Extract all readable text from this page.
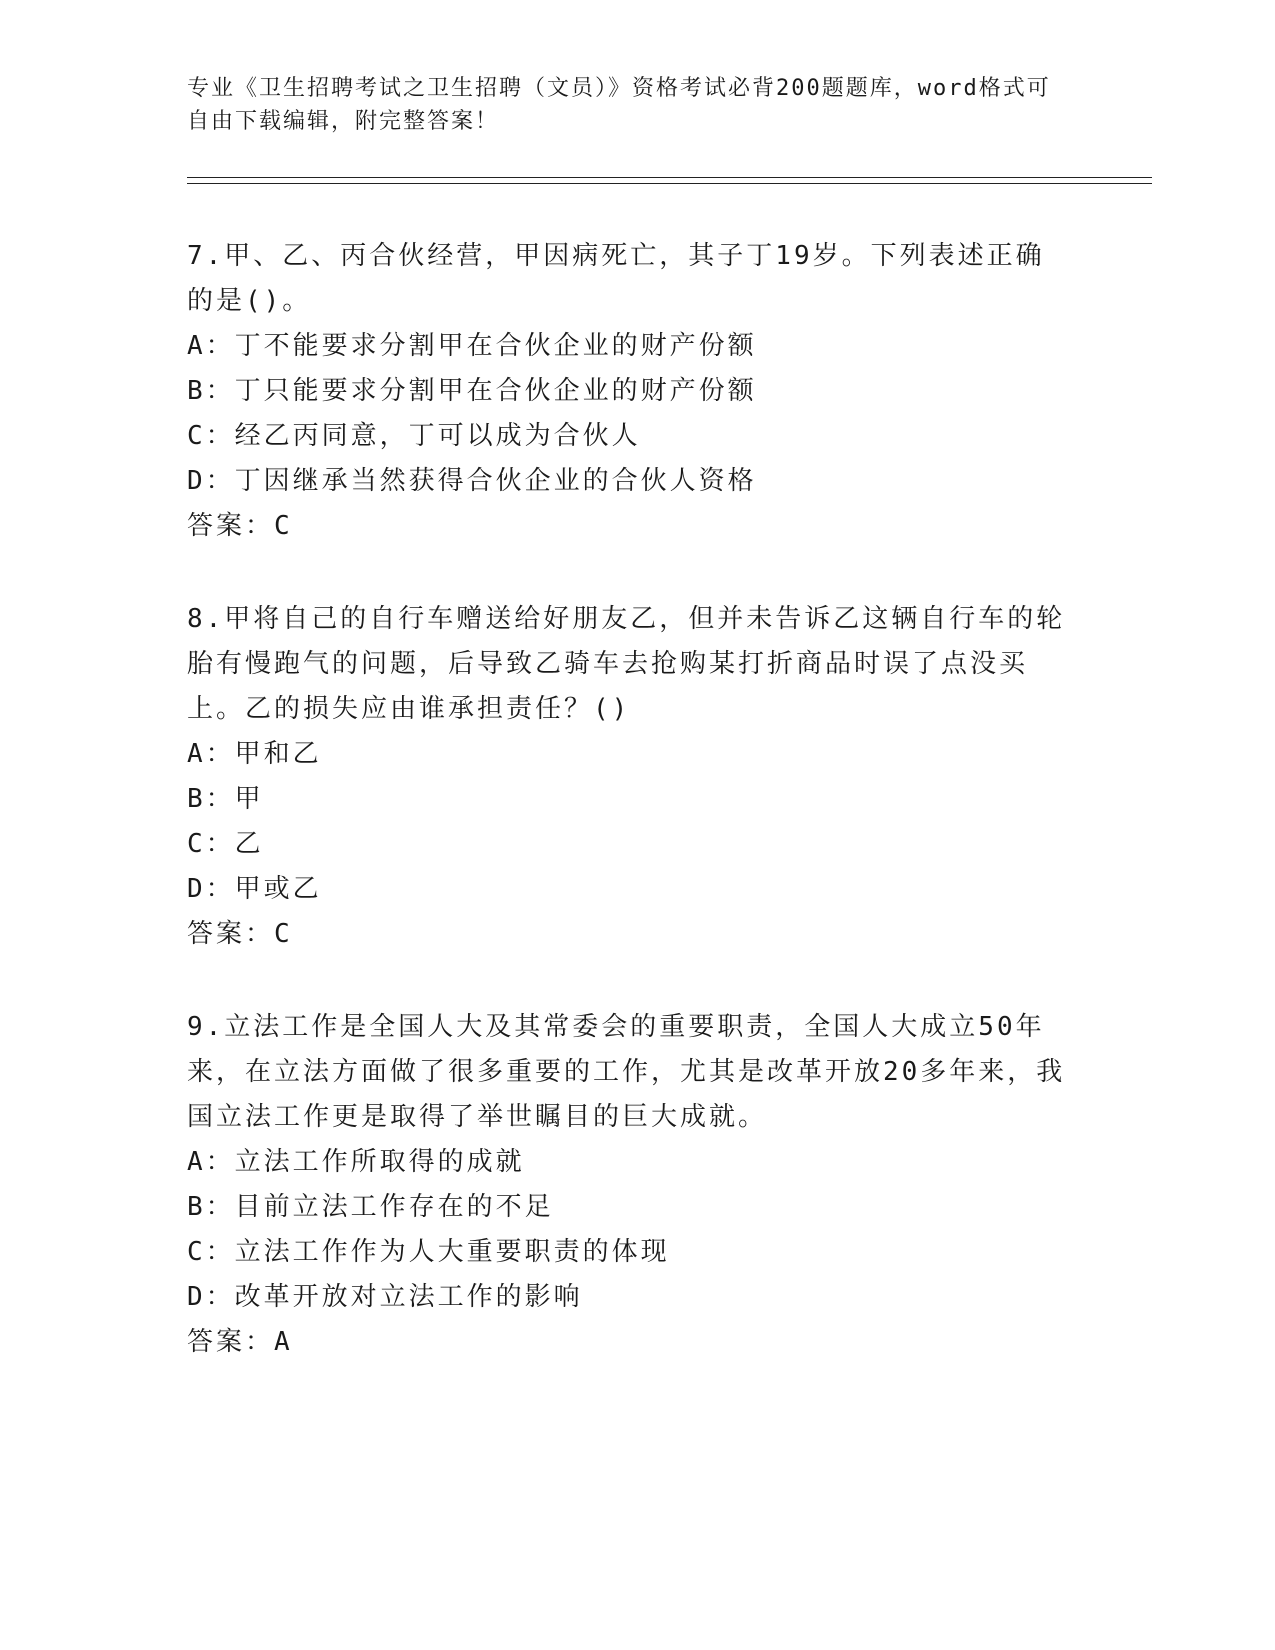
专业《卫生招聘考试之卫生招聘（文员）》资格考试必背200题题库，word格式可自由下载编辑，附完整答案！
7.甲、乙、丙合伙经营，甲因病死亡，其子丁19岁。下列表述正确的是()。
A：丁不能要求分割甲在合伙企业的财产份额
B：丁只能要求分割甲在合伙企业的财产份额
C：经乙丙同意，丁可以成为合伙人
D：丁因继承当然获得合伙企业的合伙人资格
答案：C
8.甲将自己的自行车赠送给好朋友乙，但并未告诉乙这辆自行车的轮胎有慢跑气的问题，后导致乙骑车去抢购某打折商品时误了点没买上。乙的损失应由谁承担责任？()
A：甲和乙
B：甲
C：乙
D：甲或乙
答案：C
9.立法工作是全国人大及其常委会的重要职责，全国人大成立50年来，在立法方面做了很多重要的工作，尤其是改革开放20多年来，我国立法工作更是取得了举世瞩目的巨大成就。
A：立法工作所取得的成就
B：目前立法工作存在的不足
C：立法工作作为人大重要职责的体现
D：改革开放对立法工作的影响
答案：A
